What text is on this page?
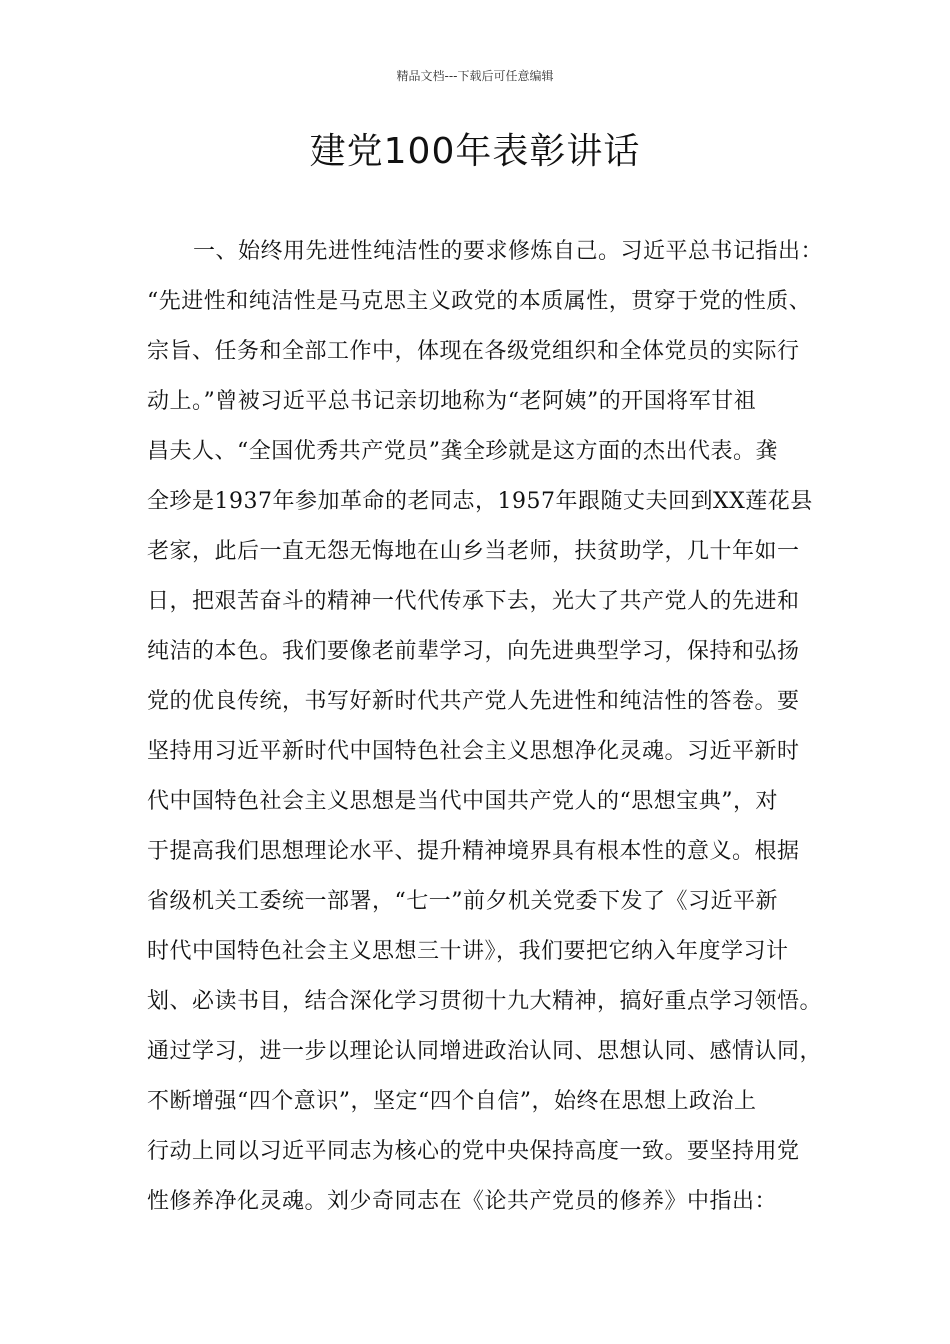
精品文档---下载后可任意编辑
建党100年表彰讲话
一、始终用先进性纯洁性的要求修炼自己。习近平总书记指出：
“先进性和纯洁性是马克思主义政党的本质属性，贯穿于党的性质、
宗旨、任务和全部工作中，体现在各级党组织和全体党员的实际行
动上。”曾被习近平总书记亲切地称为“老阿姨”的开国将军甘祖
昌夫人、“全国优秀共产党员”龚全珍就是这方面的杰出代表。龚
全珍是1937年参加革命的老同志，1957年跟随丈夫回到XX莲花县
老家，此后一直无怨无悔地在山乡当老师，扶贫助学，几十年如一
日，把艰苦奋斗的精神一代代传承下去，光大了共产党人的先进和
纯洁的本色。我们要像老前辈学习，向先进典型学习，保持和弘扬
党的优良传统，书写好新时代共产党人先进性和纯洁性的答卷。要
坚持用习近平新时代中国特色社会主义思想净化灵魂。习近平新时
代中国特色社会主义思想是当代中国共产党人的“思想宝典”，对
于提高我们思想理论水平、提升精神境界具有根本性的意义。根据
省级机关工委统一部署，“七一”前夕机关党委下发了《习近平新
时代中国特色社会主义思想三十讲》，我们要把它纳入年度学习计
划、必读书目，结合深化学习贯彻十九大精神，搞好重点学习领悟。
通过学习，进一步以理论认同增进政治认同、思想认同、感情认同，
不断增强“四个意识”，坚定“四个自信”，始终在思想上政治上
行动上同以习近平同志为核心的党中央保持高度一致。要坚持用党
性修养净化灵魂。刘少奇同志在《论共产党员的修养》中指出：
